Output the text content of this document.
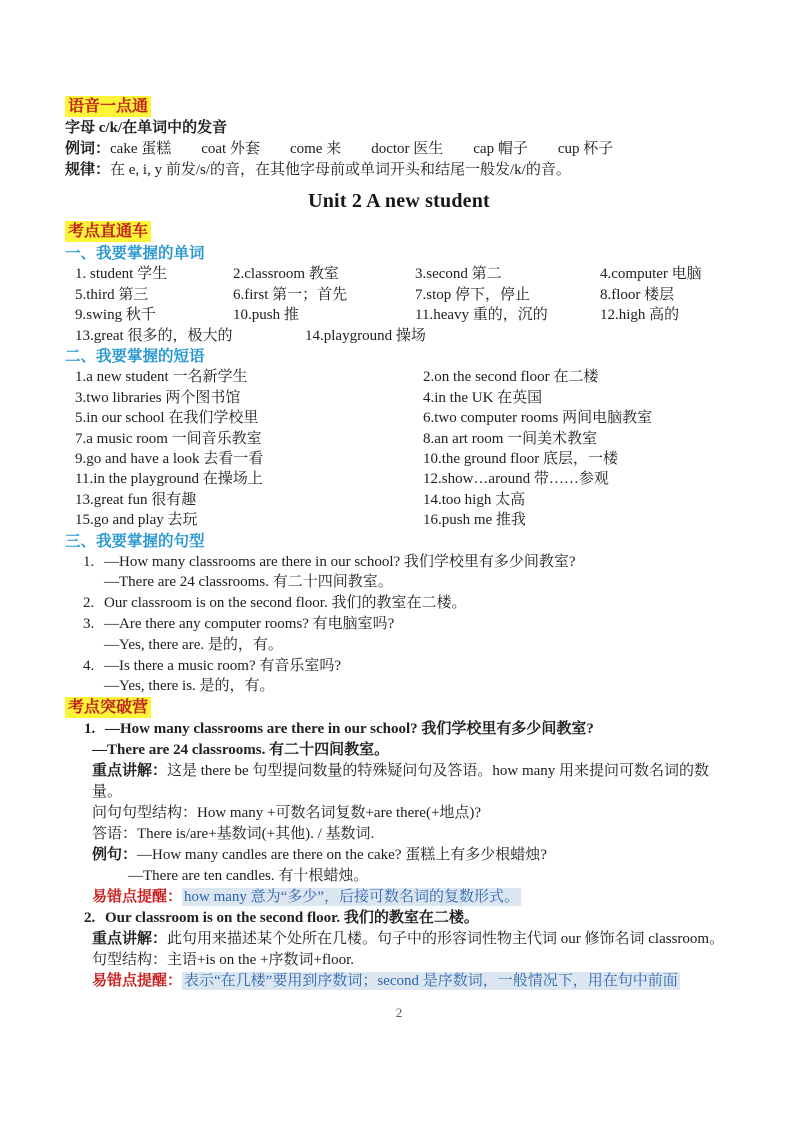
语音一点通
字母 c/k/在单词中的发音
例词：cake 蛋糕　　coat 外套　　come 来　　doctor 医生　　cap 帽子　　cup 杯子
规律：在 e, i, y 前发/s/的音，在其他字母前或单词开头和结尾一般发/k/的音。
Unit 2 A new student
考点直通车
一、我要掌握的单词
1. student 学生	2.classroom 教室	3.second 第二	4.computer 电脑
5.third 第三	6.first 第一；首先	7.stop 停下，停止	8.floor 楼层
9.swing 秋千	10.push 推	11.heavy 重的，沉的	12.high 高的
13.great 很多的，极大的	14.playground 操场
二、我要掌握的短语
1.a new student 一名新学生	2.on the second floor 在二楼
3.two libraries 两个图书馆	4.in the UK 在英国
5.in our school 在我们学校里	6.two computer rooms 两间电脑教室
7.a music room 一间音乐教室	8.an art room 一间美术教室
9.go and have a look 去看一看	10.the ground floor 底层，一楼
11.in the playground 在操场上	12.show…around 带……参观
13.great fun 很有趣	14.too high 太高
15.go and play 去玩	16.push me 推我
三、我要掌握的句型
1. —How many classrooms are there in our school? 我们学校里有多少间教室?
—There are 24 classrooms. 有二十四间教室。
2. Our classroom is on the second floor. 我们的教室在二楼。
3. —Are there any computer rooms? 有电脑室吗?
—Yes, there are. 是的，有。
4. —Is there a music room? 有音乐室吗?
—Yes, there is. 是的，有。
考点突破营
1. —How many classrooms are there in our school? 我们学校里有多少间教室?
—There are 24 classrooms. 有二十四间教室。
重点讲解：这是 there be 句型提问数量的特殊疑问句及答语。how many 用来提问可数名词的数量。
问句句型结构：How many +可数名词复数+are there(+地点)?
答语：There is/are+基数词(+其他). / 基数词.
例句：—How many candles are there on the cake? 蛋糕上有多少根蜡烛?
—There are ten candles. 有十根蜡烛。
易错点提醒： how many 意为“多少”，后接可数名词的复数形式。
2. Our classroom is on the second floor. 我们的教室在二楼。
重点讲解：此句用来描述某个处所在几楼。句子中的形容词性物主代词 our 修饰名词 classroom。
句型结构：主语+is on the +序数词+floor.
易错点提醒： 表示“在几楼”要用到序数词；second 是序数词，一般情况下，用在句中前面
2
